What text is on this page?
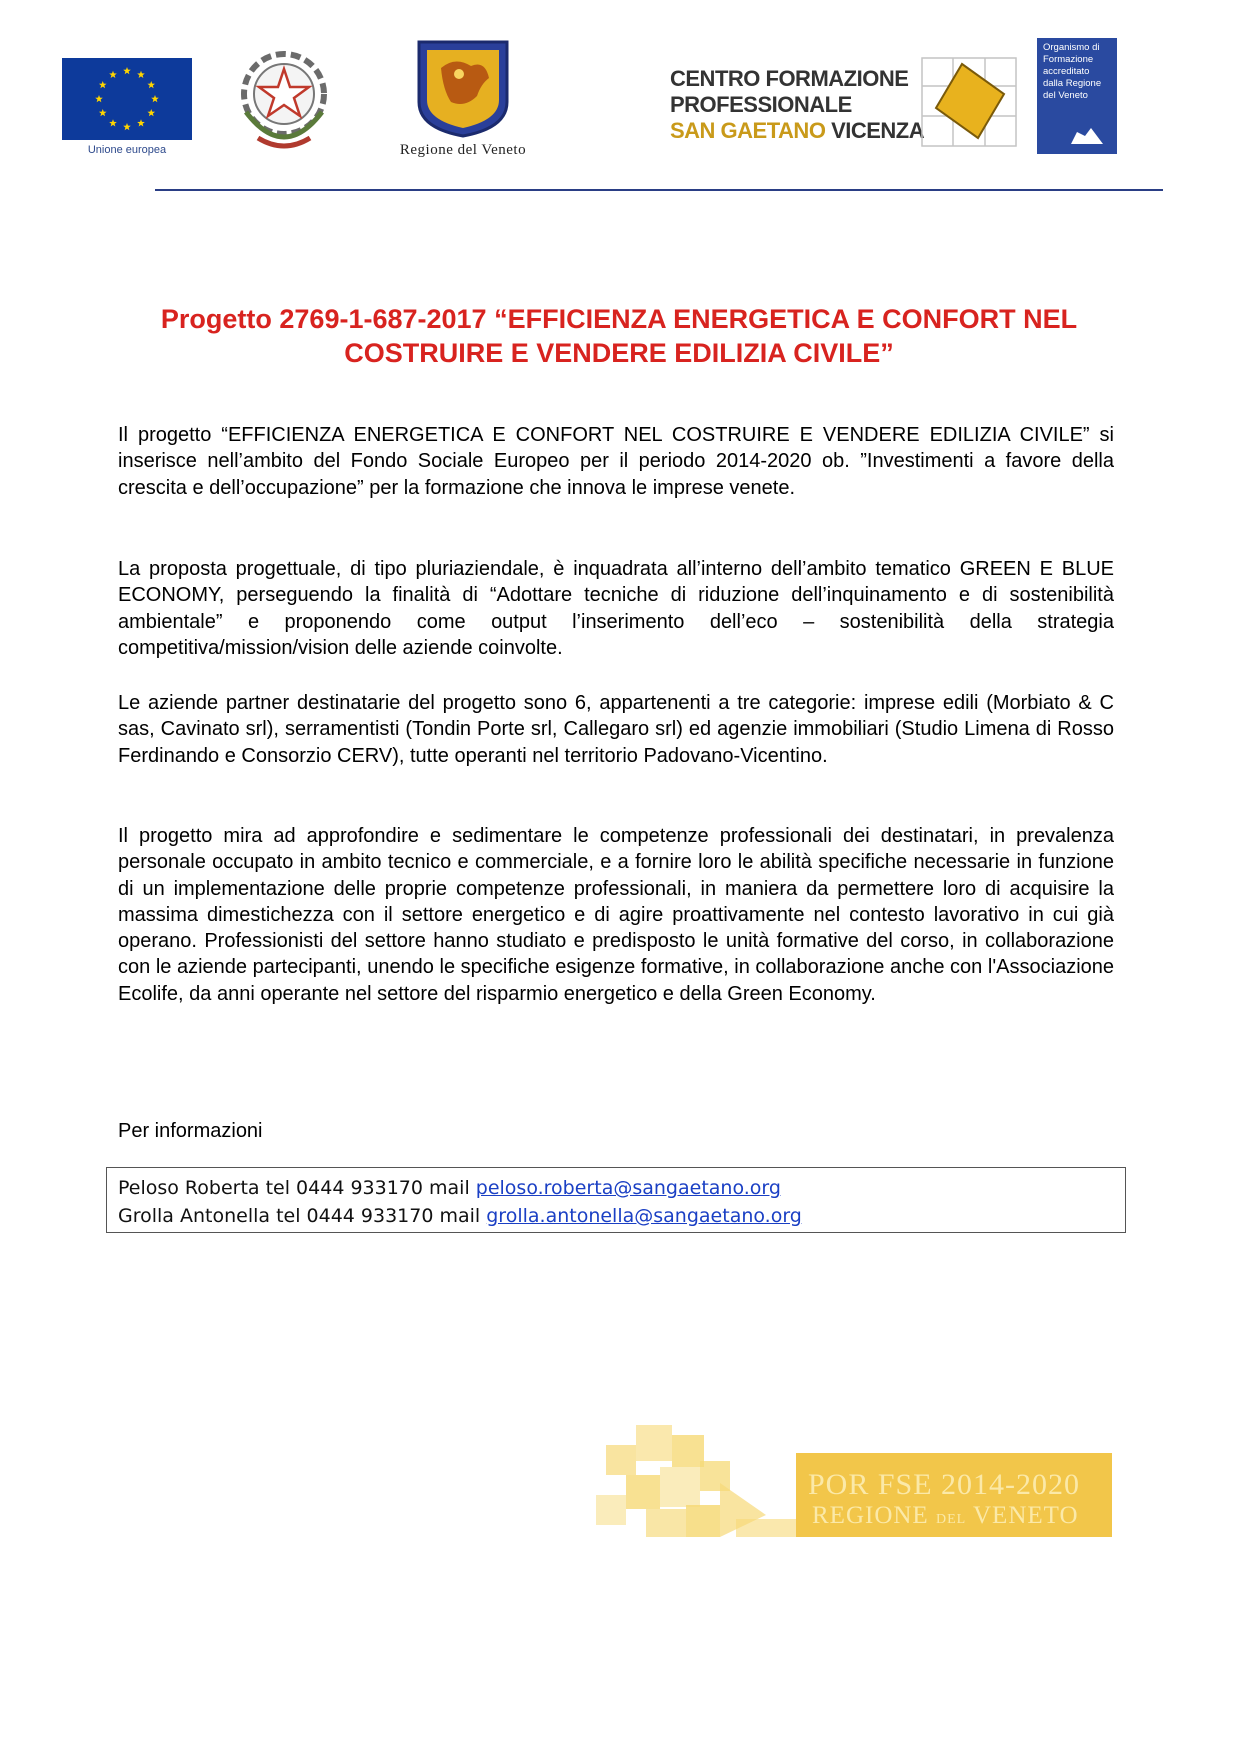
Unione europea	Regione del Veneto
CENTRO FORMAZIONE
PROFESSIONALE
SAN GAETANO VICENZA
Organismo di Formazione accreditato dalla Regione del Veneto
Progetto 2769-1-687-2017 “EFFICIENZA ENERGETICA E CONFORT NEL
COSTRUIRE E VENDERE EDILIZIA CIVILE”
Il progetto “EFFICIENZA ENERGETICA E CONFORT NEL COSTRUIRE E VENDERE EDILIZIA CIVILE” si inserisce nell’ambito del Fondo Sociale Europeo per il periodo 2014-2020 ob. ”Investimenti a favore della crescita e dell’occupazione” per la formazione che innova le imprese venete.
La proposta progettuale, di tipo pluriaziendale, è inquadrata all’interno dell’ambito tematico GREEN E BLUE ECONOMY, perseguendo la finalità di “Adottare tecniche di riduzione dell’inquinamento e di sostenibilità ambientale” e proponendo come output l’inserimento dell’eco – sostenibilità della strategia competitiva/mission/vision delle aziende coinvolte.
Le aziende partner destinatarie del progetto sono 6, appartenenti a tre categorie: imprese edili (Morbiato & C sas, Cavinato srl), serramentisti (Tondin Porte srl, Callegaro srl) ed agenzie immobiliari (Studio Limena di Rosso Ferdinando e Consorzio CERV), tutte operanti nel territorio Padovano-Vicentino.
Il progetto mira ad approfondire e sedimentare le competenze professionali dei destinatari, in prevalenza personale occupato in ambito tecnico e commerciale, e a fornire loro le abilità specifiche necessarie in funzione di un implementazione delle proprie competenze professionali, in maniera da permettere loro di acquisire la massima dimestichezza con il settore energetico e di agire proattivamente nel contesto lavorativo in cui già operano. Professionisti del settore hanno studiato e predisposto le unità formative del corso, in collaborazione con le aziende partecipanti, unendo le specifiche esigenze formative, in collaborazione anche con l'Associazione Ecolife, da anni operante nel settore del risparmio energetico e della Green Economy.
Per informazioni
Peloso Roberta tel 0444 933170 mail peloso.roberta@sangaetano.org
Grolla Antonella tel 0444 933170 mail grolla.antonella@sangaetano.org
POR FSE 2014-2020
REGIONE DEL VENETO
